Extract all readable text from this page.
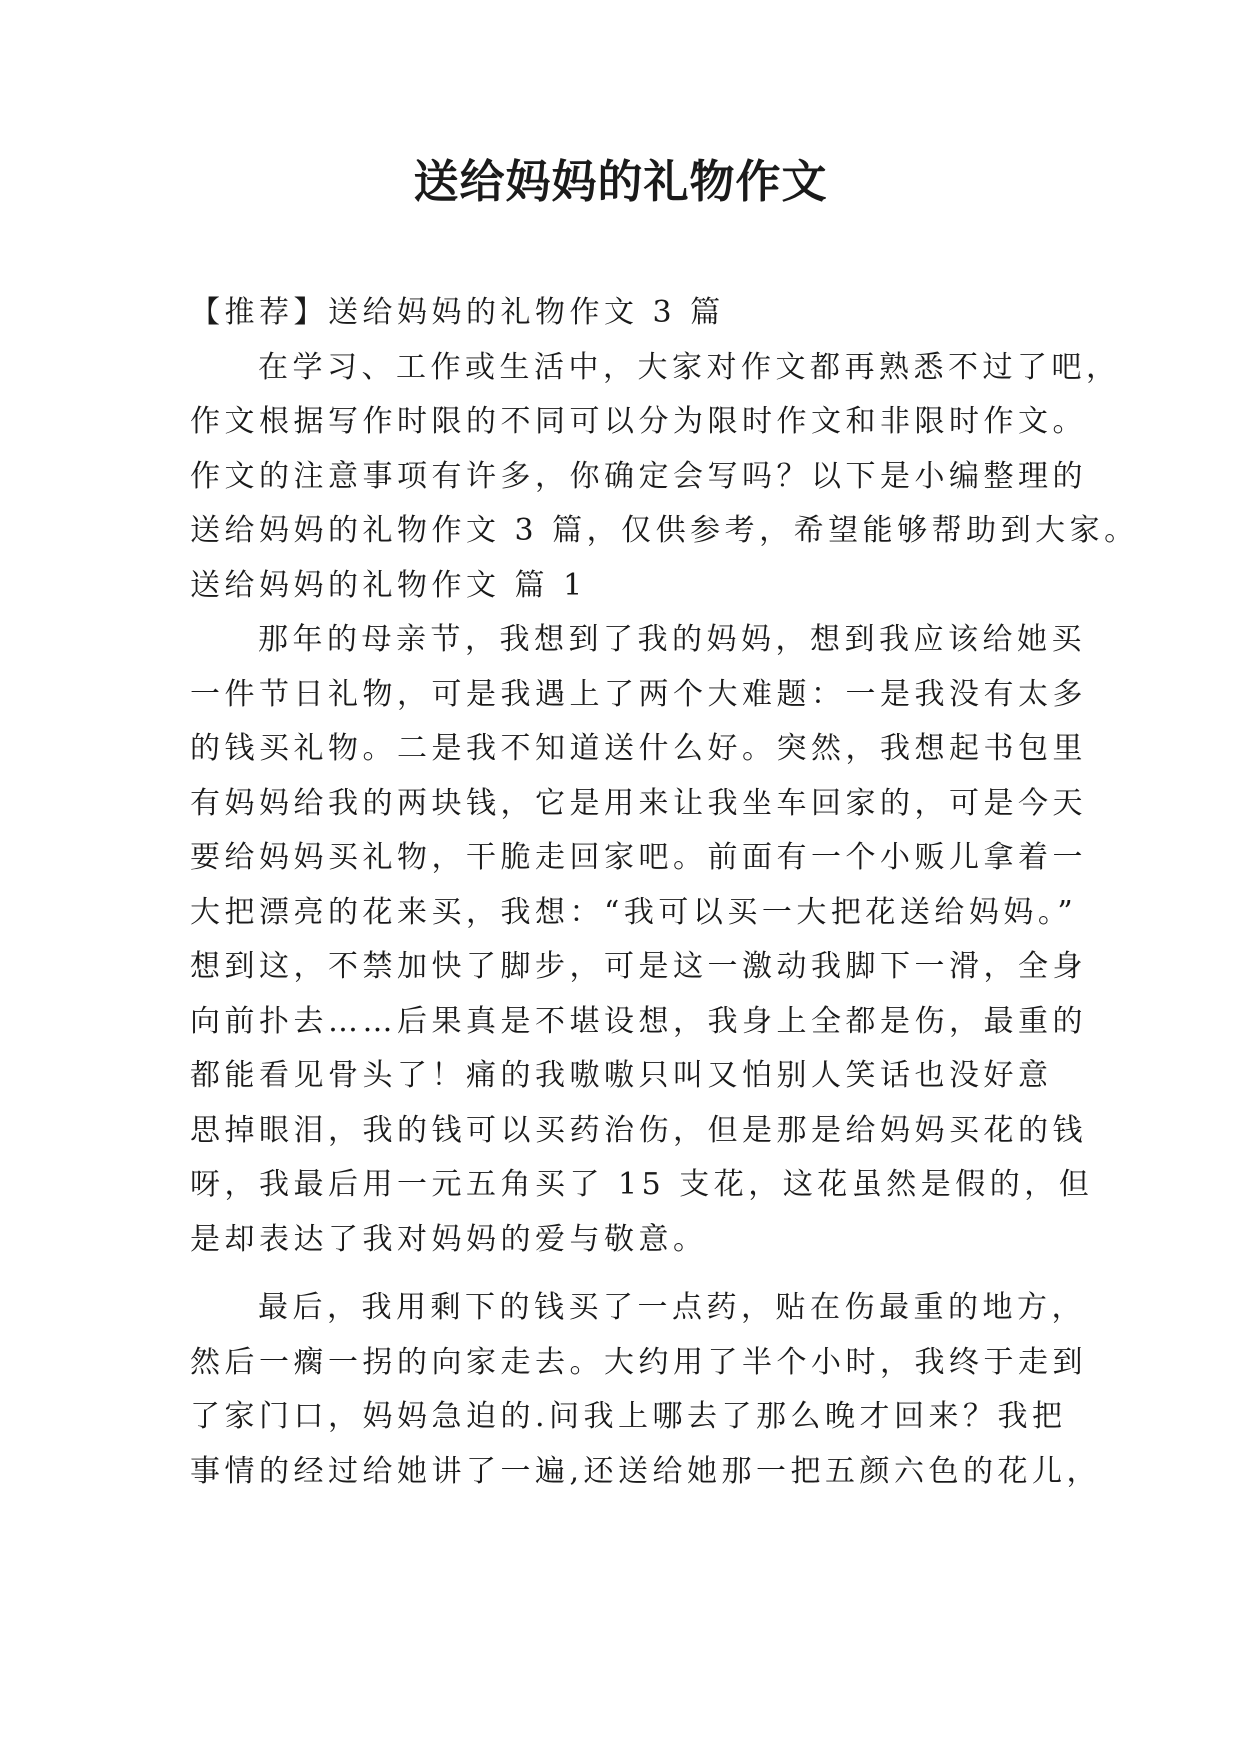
送给妈妈的礼物作文
【推荐】送给妈妈的礼物作文 3 篇
在学习、工作或生活中，大家对作文都再熟悉不过了吧，
作文根据写作时限的不同可以分为限时作文和非限时作文。
作文的注意事项有许多，你确定会写吗？以下是小编整理的
送给妈妈的礼物作文 3 篇，仅供参考，希望能够帮助到大家。
送给妈妈的礼物作文 篇 1
那年的母亲节，我想到了我的妈妈，想到我应该给她买
一件节日礼物，可是我遇上了两个大难题：一是我没有太多
的钱买礼物。二是我不知道送什么好。突然，我想起书包里
有妈妈给我的两块钱，它是用来让我坐车回家的，可是今天
要给妈妈买礼物，干脆走回家吧。前面有一个小贩儿拿着一
大把漂亮的花来买，我想：“我可以买一大把花送给妈妈。”
想到这，不禁加快了脚步，可是这一激动我脚下一滑，全身
向前扑去……后果真是不堪设想，我身上全都是伤，最重的
都能看见骨头了！痛的我嗷嗷只叫又怕别人笑话也没好意
思掉眼泪，我的钱可以买药治伤，但是那是给妈妈买花的钱
呀，我最后用一元五角买了 15 支花，这花虽然是假的，但
是却表达了我对妈妈的爱与敬意。
最后，我用剩下的钱买了一点药，贴在伤最重的地方，
然后一瘸一拐的向家走去。大约用了半个小时，我终于走到
了家门口，妈妈急迫的.问我上哪去了那么晚才回来？我把
事情的经过给她讲了一遍,还送给她那一把五颜六色的花儿，
